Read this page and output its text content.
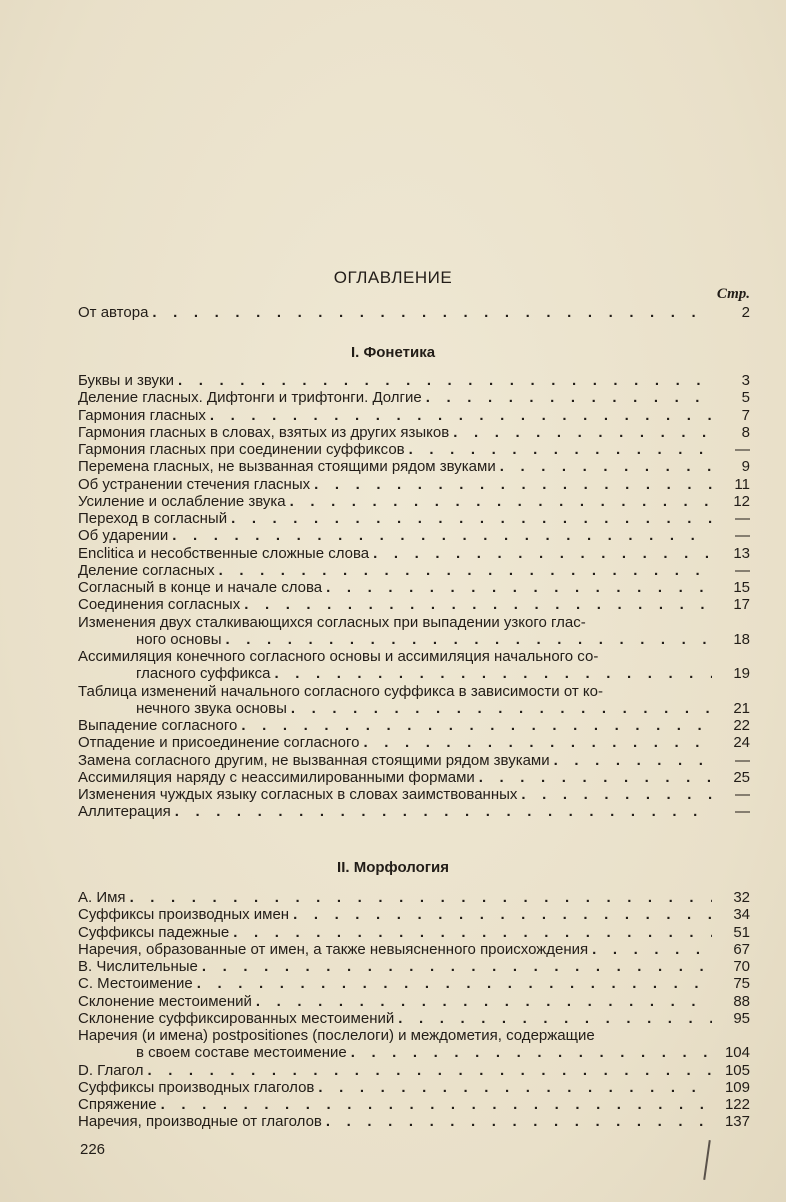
ОГЛАВЛЕНИЕ
Стр.
От автора . . .	2
I. Фонетика
Буквы и звуки . . .	3
Деление гласных. Дифтонги и трифтонги. Долгие . . .	5
Гармония гласных . . .	7
Гармония гласных в словах, взятых из других языков . . .	8
Гармония гласных при соединении суффиксов . . .	—
Перемена гласных, не вызванная стоящими рядом звуками . . .	9
Об устранении стечения гласных . . .	11
Усиление и ослабление звука . . .	12
Переход в согласный . . .	—
Об ударении . . .	—
Enclitica и несобственные сложные слова . . .	13
Деление согласных . . .	—
Согласный в конце и начале слова . . .	15
Соединения согласных . . .	17
Изменения двух сталкивающихся согласных при выпадении узкого глас-
ного основы . . .	18
Ассимиляция конечного согласного основы и ассимиляция начального со-
гласного суффикса . . .	19
Таблица изменений начального согласного суффикса в зависимости от ко-
нечного звука основы . . .	21
Выпадение согласного . . .	22
Отпадение и присоединение согласного . . .	24
Замена согласного другим, не вызванная стоящими рядом звуками . . .	—
Ассимиляция наряду с неассимилированными формами . . .	25
Изменения чуждых языку согласных в словах заимствованных . . .	—
Аллитерация . . .	—
II. Морфология
A. Имя . . .	32
Суффиксы производных имен . . .	34
Суффиксы падежные . . .	51
Наречия, образованные от имен, а также невыясненного происхождения . . .	67
B. Числительные . . .	70
C. Местоимение . . .	75
Склонение местоимений . . .	88
Склонение суффиксированных местоимений . . .	95
Наречия (и имена) postpositiones (послелоги) и междометия, содержащие
в своем составе местоимение . . .	104
D. Глагол . . .	105
Суффиксы производных глаголов . . .	109
Спряжение . . .	122
Наречия, производные от глаголов . . .	137
226
